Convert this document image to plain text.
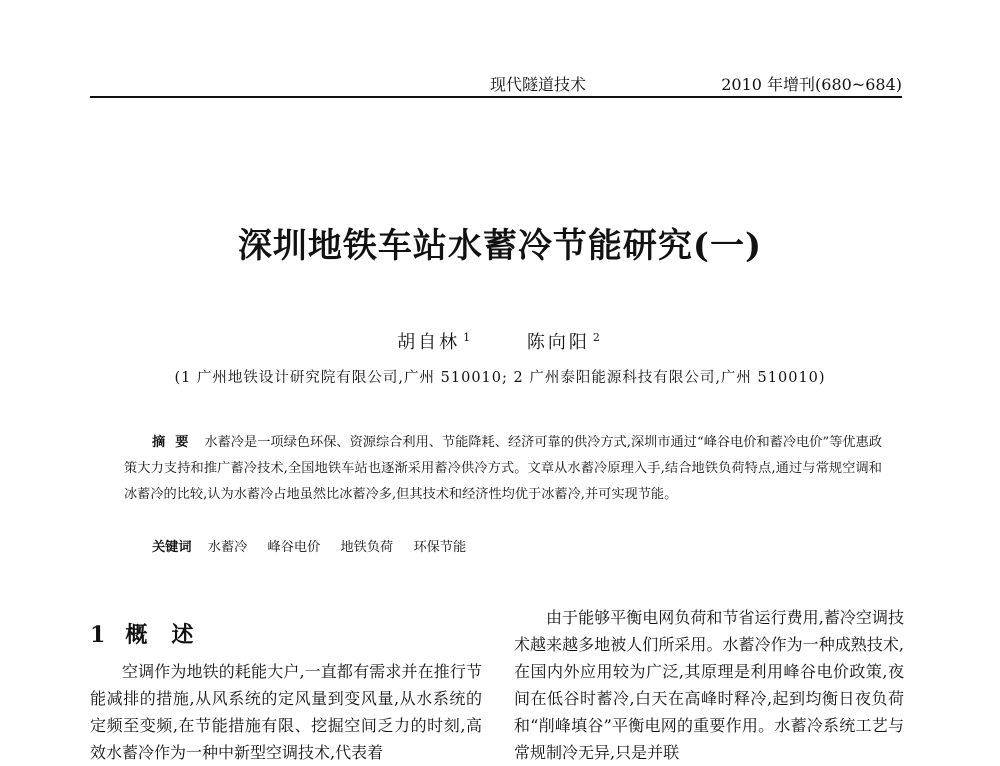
现代隧道技术	2010 年增刊(680~684)
深圳地铁车站水蓄冷节能研究(一)
胡自林 $^1$	陈向阳 $^2$
(1 广州地铁设计研究院有限公司,广州 510010; 2 广州泰阳能源科技有限公司,广州 510010)
摘要 水蓄冷是一项绿色环保、资源综合利用、节能降耗、经济可靠的供冷方式,深圳市通过“峰谷电价和蓄冷电价”等优惠政策大力支持和推广蓄冷技术,全国地铁车站也逐渐采用蓄冷供冷方式。文章从水蓄冷原理入手,结合地铁负荷特点,通过与常规空调和冰蓄冷的比较,认为水蓄冷占地虽然比冰蓄冷多,但其技术和经济性均优于冰蓄冷,并可实现节能。
关键词 水蓄冷 峰谷电价 地铁负荷 环保节能
1 概述
空调作为地铁的耗能大户,一直都有需求并在推行节能减排的措施,从风系统的定风量到变风量,从水系统的定频至变频,在节能措施有限、挖掘空间乏力的时刻,高效水蓄冷作为一种中新型空调技术,代表着
由于能够平衡电网负荷和节省运行费用,蓄冷空调技术越来越多地被人们所采用。水蓄冷作为一种成熟技术,在国内外应用较为广泛,其原理是利用峰谷电价政策,夜间在低谷时蓄冷,白天在高峰时释冷,起到均衡日夜负荷和“削峰填谷”平衡电网的重要作用。水蓄冷系统工艺与常规制冷无异,只是并联
